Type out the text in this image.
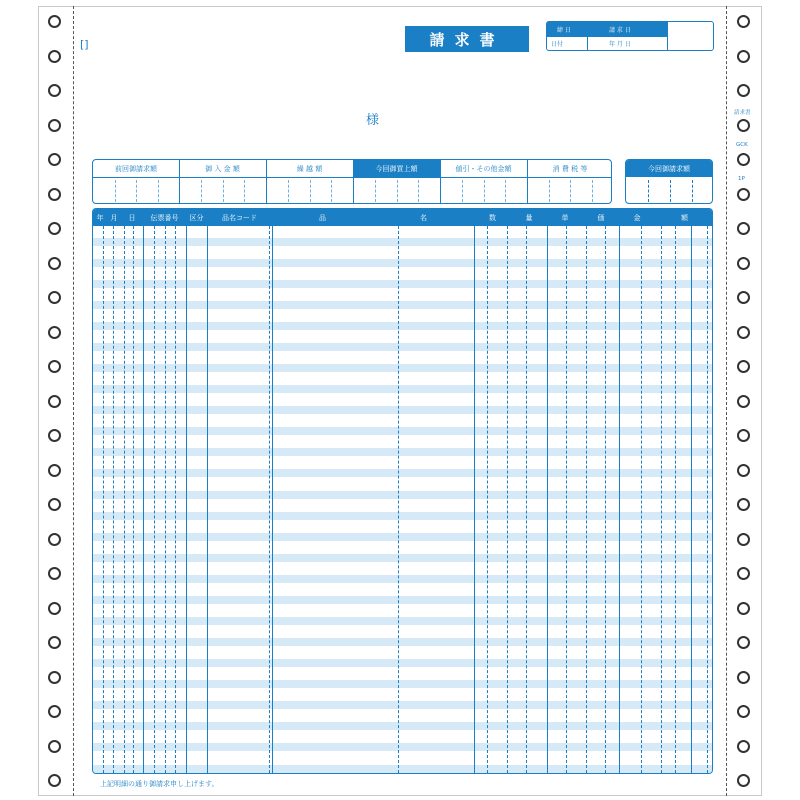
[]	請求書	締 日	請 求 日
日付	年 月 日
様	請求書
GCK
1P
前回御請求額	御 入 金 額	繰 越 額	今回御買上額	値引・その他金額	消 費 税 等	今回御請求額
年	月	日	伝票番号	区分	品名コード	品	名	数	量	単	価	金	額
上記明細の通り御請求申し上げます。
